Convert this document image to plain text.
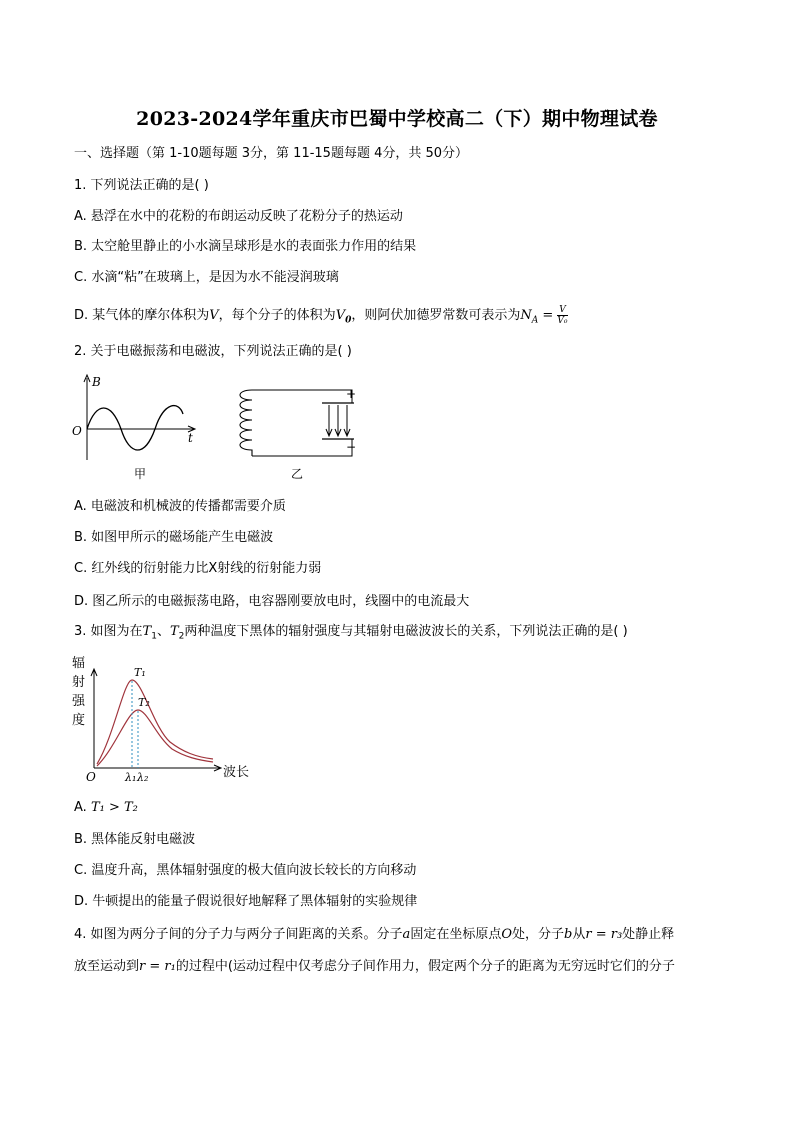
2023-2024学年重庆市巴蜀中学校高二（下）期中物理试卷
一、选择题（第 1-10题每题 3分，第 11-15题每题 4分，共 50分）
1. 下列说法正确的是( )
A. 悬浮在水中的花粉的布朗运动反映了花粉分子的热运动
B. 太空舱里静止的小水滴呈球形是水的表面张力作用的结果
C. 水滴“粘”在玻璃上，是因为水不能浸润玻璃
D. 某气体的摩尔体积为V，每个分子的体积为$V_0$，则阿伏加德罗常数可表示为$N_A = \frac{V}{\text{V₀}}$
2. 关于电磁振荡和电磁波，下列说法正确的是( )
B
t
O
甲
+
−
乙
A. 电磁波和机械波的传播都需要介质
B. 如图甲所示的磁场能产生电磁波
C. 红外线的衍射能力比X射线的衍射能力弱
D. 图乙所示的电磁振荡电路，电容器刚要放电时，线圈中的电流最大
3. 如图为在$T_1$、$T_2$两种温度下黑体的辐射强度与其辐射电磁波波长的关系，下列说法正确的是( )
辐
射
强
度
波长
O
T₁
T₂
λ₁ λ₂
A. T₁ > T₂
B. 黑体能反射电磁波
C. 温度升高，黑体辐射强度的极大值向波长较长的方向移动
D. 牛顿提出的能量子假说很好地解释了黑体辐射的实验规律
4. 如图为两分子间的分子力与两分子间距离的关系。分子a固定在坐标原点O处，分子b从r = r₃处静止释
放至运动到r = r₁的过程中(运动过程中仅考虑分子间作用力，假定两个分子的距离为无穷远时它们的分子
